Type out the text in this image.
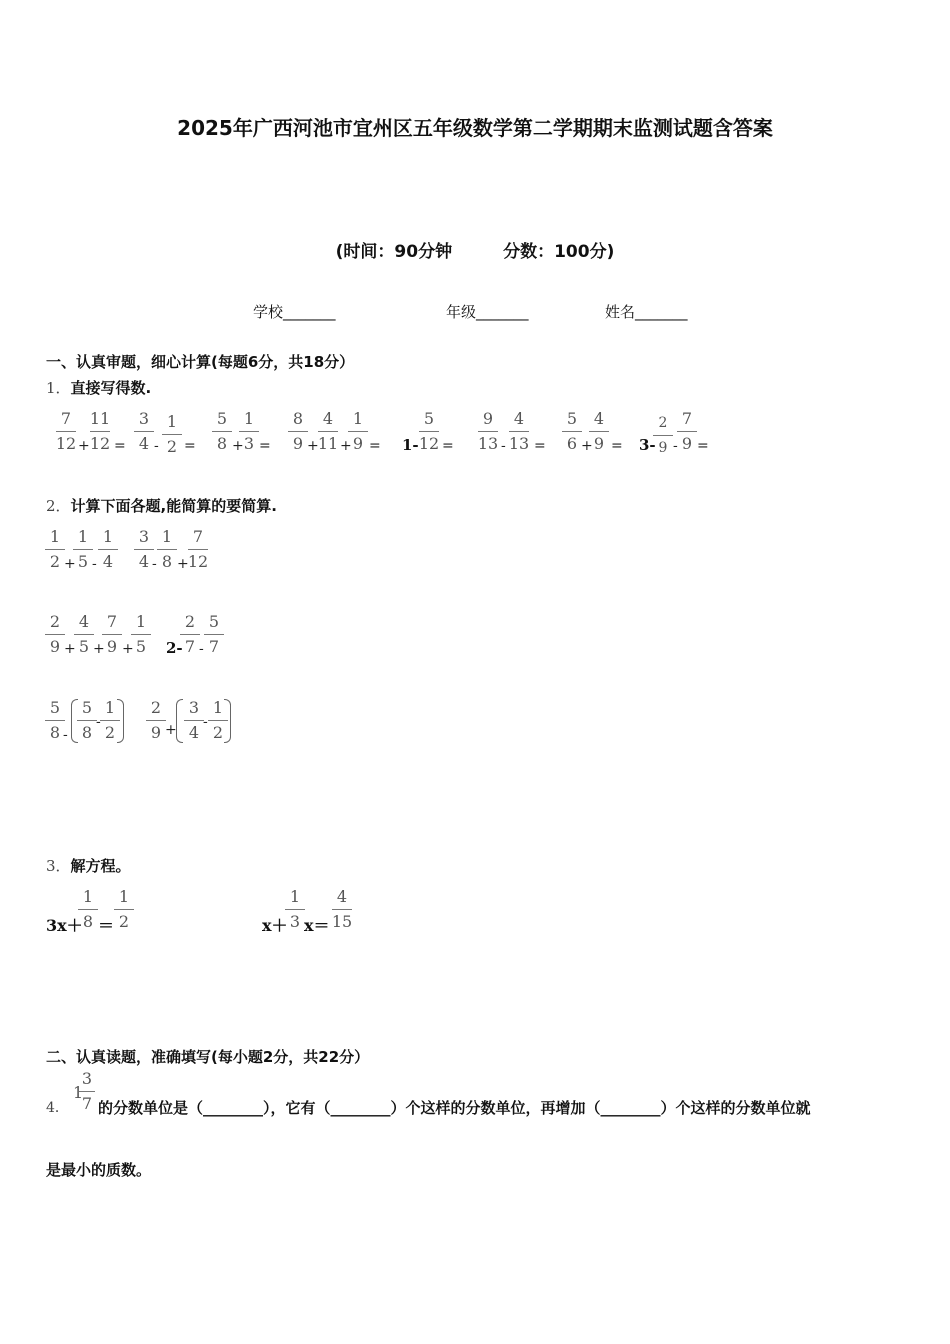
2025年广西河池市宜州区五年级数学第二学期期末监测试题含答案
(时间：90分钟　　　分数：100分)
学校_______	年级_______	姓名_______
一、认真审题，细心计算(每题6分，共18分）
1．直接写得数.
7
12 +
11
12 =
3
4 -
1
2 =
5
8 +
1
3 =
8
9 +
4
11 +
1
9 = 1-
5
12 =
9
13 -
4
13 =
5
6 +
4
9 = 3-
2
9 -
7
9 =
2．计算下面各题,能简算的要简算.
1
2 +
1
5 -
1
4
3
4 -
1
8 +
7
12
2
9 +
4
5 +
7
9 +
1
5	2-
2
7 -
5
7
5
8 -
5
8
-
1
2
2
9 +
3
4
-
1
2
3．解方程。
3x＋
1
8 ＝
1
2	x＋
1
3 x＝
4
15
二、认真读题，准确填写(每小题2分，共22分）
4．
1
3
7 的分数单位是（________），它有（________）个这样的分数单位，再增加（________）个这样的分数单位就
是最小的质数。
